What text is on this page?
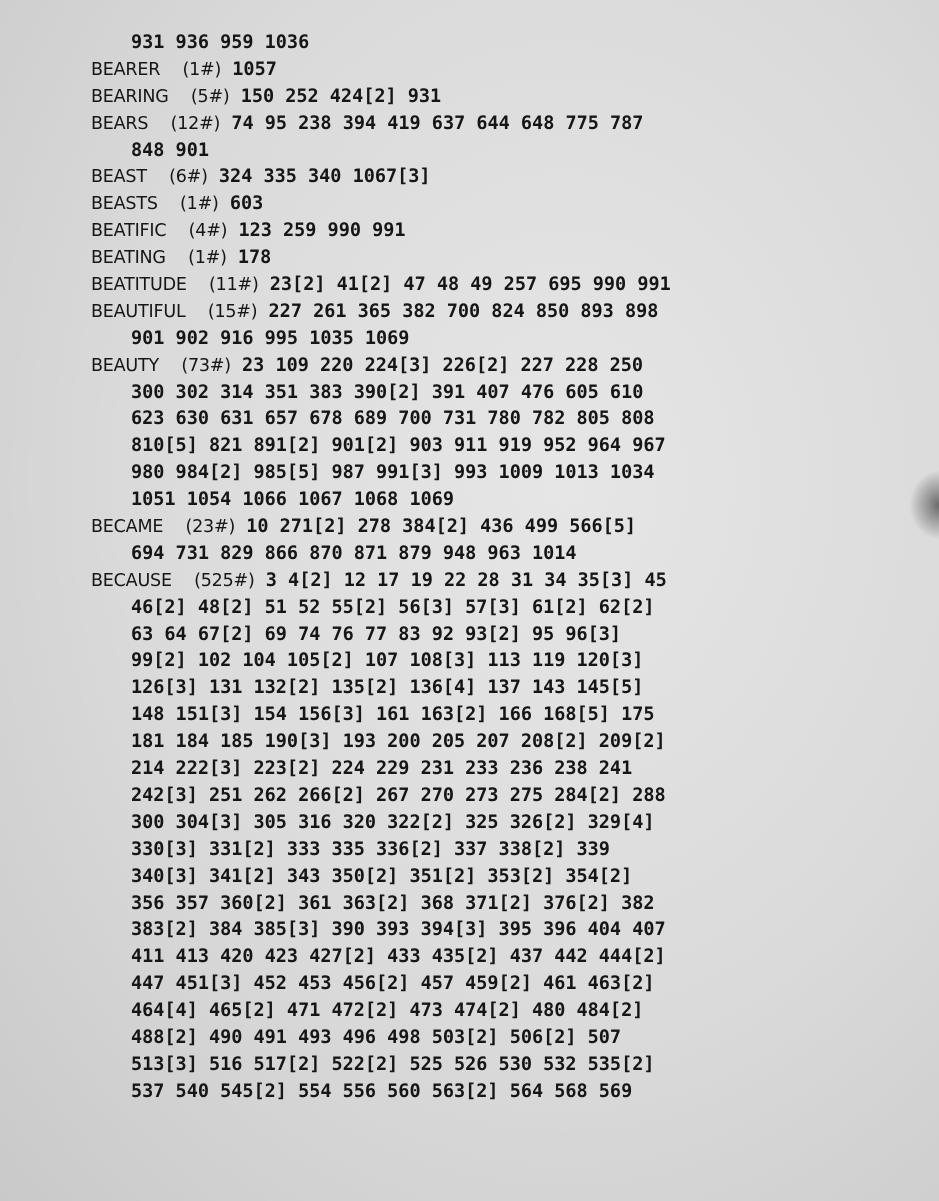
931 936 959 1036
BEARER (1#) 1057
BEARING (5#) 150 252 424[2] 931
BEARS (12#) 74 95 238 394 419 637 644 648 775 787
848 901
BEAST (6#) 324 335 340 1067[3]
BEASTS (1#) 603
BEATIFIC (4#) 123 259 990 991
BEATING (1#) 178
BEATITUDE (11#) 23[2] 41[2] 47 48 49 257 695 990 991
BEAUTIFUL (15#) 227 261 365 382 700 824 850 893 898
901 902 916 995 1035 1069
BEAUTY (73#) 23 109 220 224[3] 226[2] 227 228 250
300 302 314 351 383 390[2] 391 407 476 605 610
623 630 631 657 678 689 700 731 780 782 805 808
810[5] 821 891[2] 901[2] 903 911 919 952 964 967
980 984[2] 985[5] 987 991[3] 993 1009 1013 1034
1051 1054 1066 1067 1068 1069
BECAME (23#) 10 271[2] 278 384[2] 436 499 566[5]
694 731 829 866 870 871 879 948 963 1014
BECAUSE (525#) 3 4[2] 12 17 19 22 28 31 34 35[3] 45
46[2] 48[2] 51 52 55[2] 56[3] 57[3] 61[2] 62[2]
63 64 67[2] 69 74 76 77 83 92 93[2] 95 96[3]
99[2] 102 104 105[2] 107 108[3] 113 119 120[3]
126[3] 131 132[2] 135[2] 136[4] 137 143 145[5]
148 151[3] 154 156[3] 161 163[2] 166 168[5] 175
181 184 185 190[3] 193 200 205 207 208[2] 209[2]
214 222[3] 223[2] 224 229 231 233 236 238 241
242[3] 251 262 266[2] 267 270 273 275 284[2] 288
300 304[3] 305 316 320 322[2] 325 326[2] 329[4]
330[3] 331[2] 333 335 336[2] 337 338[2] 339
340[3] 341[2] 343 350[2] 351[2] 353[2] 354[2]
356 357 360[2] 361 363[2] 368 371[2] 376[2] 382
383[2] 384 385[3] 390 393 394[3] 395 396 404 407
411 413 420 423 427[2] 433 435[2] 437 442 444[2]
447 451[3] 452 453 456[2] 457 459[2] 461 463[2]
464[4] 465[2] 471 472[2] 473 474[2] 480 484[2]
488[2] 490 491 493 496 498 503[2] 506[2] 507
513[3] 516 517[2] 522[2] 525 526 530 532 535[2]
537 540 545[2] 554 556 560 563[2] 564 568 569
